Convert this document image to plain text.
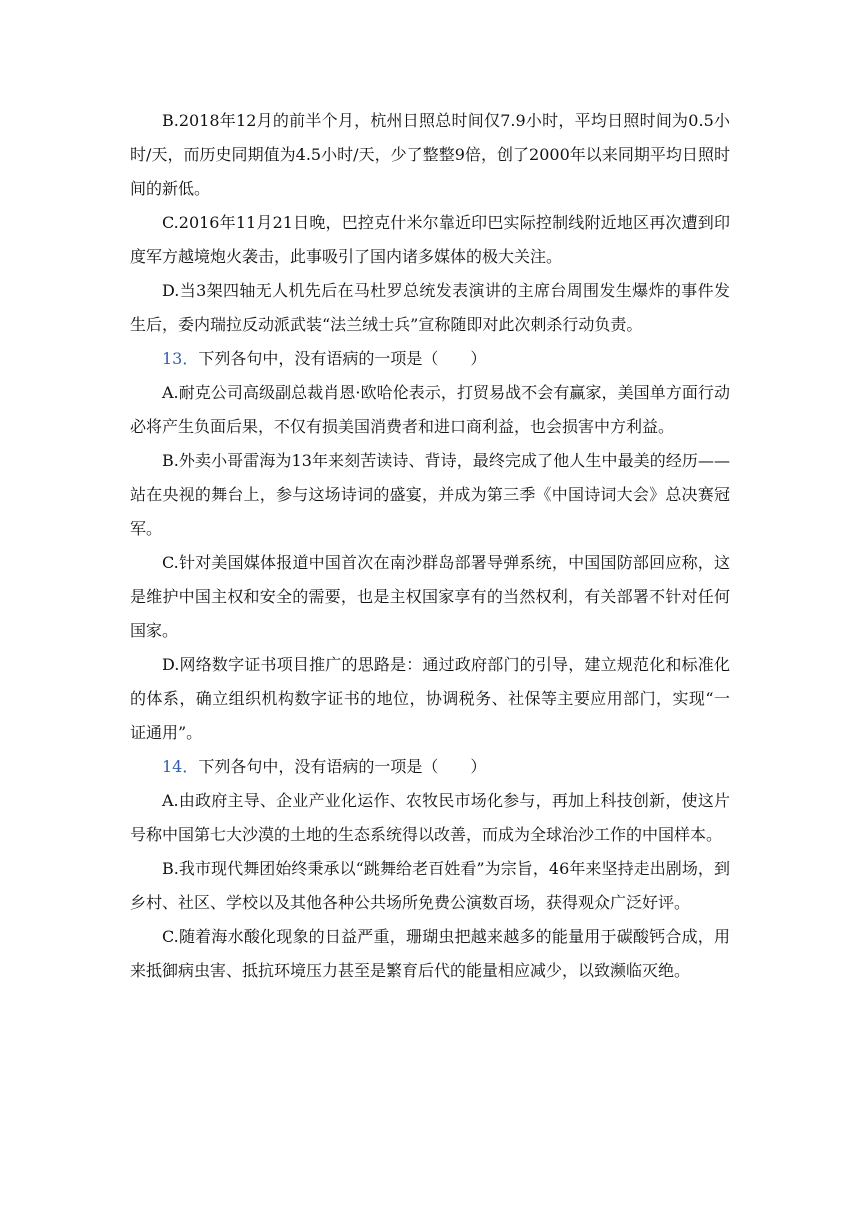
B.2018年12月的前半个月，杭州日照总时间仅7.9小时，平均日照时间为0.5小时/天，而历史同期值为4.5小时/天，少了整整9倍，创了2000年以来同期平均日照时间的新低。

C.2016年11月21日晚，巴控克什米尔靠近印巴实际控制线附近地区再次遭到印度军方越境炮火袭击，此事吸引了国内诸多媒体的极大关注。

D.当3架四轴无人机先后在马杜罗总统发表演讲的主席台周围发生爆炸的事件发生后，委内瑞拉反动派武装“法兰绒士兵”宣称随即对此次刺杀行动负责。

13．下列各句中，没有语病的一项是（　　）

A.耐克公司高级副总裁肖恩·欧哈伦表示，打贸易战不会有赢家，美国单方面行动必将产生负面后果，不仅有损美国消费者和进口商利益，也会损害中方利益。

B.外卖小哥雷海为13年来刻苦读诗、背诗，最终完成了他人生中最美的经历——站在央视的舞台上，参与这场诗词的盛宴，并成为第三季《中国诗词大会》总决赛冠军。

C.针对美国媒体报道中国首次在南沙群岛部署导弹系统，中国国防部回应称，这是维护中国主权和安全的需要，也是主权国家享有的当然权利，有关部署不针对任何国家。

D.网络数字证书项目推广的思路是：通过政府部门的引导，建立规范化和标准化的体系，确立组织机构数字证书的地位，协调税务、社保等主要应用部门，实现“一证通用”。

14．下列各句中，没有语病的一项是（　　）

A.由政府主导、企业产业化运作、农牧民市场化参与，再加上科技创新，使这片号称中国第七大沙漠的土地的生态系统得以改善，而成为全球治沙工作的中国样本。

B.我市现代舞团始终秉承以“跳舞给老百姓看”为宗旨，46年来坚持走出剧场，到乡村、社区、学校以及其他各种公共场所免费公演数百场，获得观众广泛好评。

C.随着海水酸化现象的日益严重，珊瑚虫把越来越多的能量用于碳酸钙合成，用来抵御病虫害、抵抗环境压力甚至是繁育后代的能量相应减少，以致濒临灭绝。
